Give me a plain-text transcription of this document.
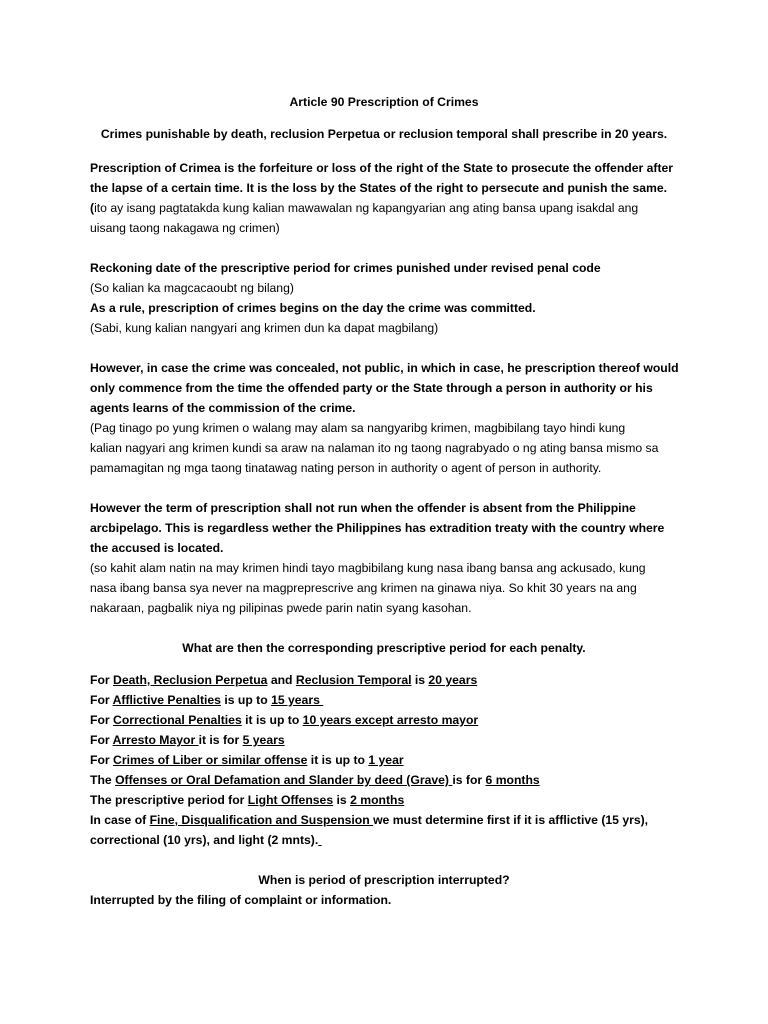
Article 90 Prescription of Crimes
Crimes punishable by death, reclusion Perpetua or reclusion temporal shall prescribe in 20 years.
Prescription of Crimea is the forfeiture or loss of the right of the State to prosecute the offender after
the lapse of a certain time. It is the loss by the States of the right to persecute and punish the same.
(ito ay isang pagtatakda kung kalian mawawalan ng kapangyarian ang ating bansa upang isakdal ang
uisang taong nakagawa ng crimen)
Reckoning date of the prescriptive period for crimes punished under revised penal code
(So kalian ka magcacaoubt ng bilang)
As a rule, prescription of crimes begins on the day the crime was committed.
(Sabi, kung kalian nangyari ang krimen dun ka dapat magbilang)
However, in case the crime was concealed, not public, in which in case, he prescription thereof would
only commence from the time the offended party or the State through a person in authority or his
agents learns of the commission of the crime.
(Pag tinago po yung krimen o walang may alam sa nangyaribg krimen, magbibilang tayo hindi kung
kalian nagyari ang krimen kundi sa araw na nalaman ito ng taong nagrabyado o ng ating bansa mismo sa
pamamagitan ng mga taong tinatawag nating person in authority o agent of person in authority.
However the term of prescription shall not run when the offender is absent from the Philippine
arcbipelago. This is regardless wether the Philippines has extradition treaty with the country where
the accused is located.
(so kahit alam natin na may krimen hindi tayo magbibilang kung nasa ibang bansa ang ackusado, kung
nasa ibang bansa sya never na magpreprescrive ang krimen na ginawa niya. So khit 30 years na ang
nakaraan, pagbalik niya ng pilipinas pwede parin natin syang kasohan.
What are then the corresponding prescriptive period for each penalty.
For Death, Reclusion Perpetua and Reclusion Temporal is 20 years
For Afflictive Penalties is up to 15 years
For Correctional Penalties it is up to 10 years except arresto mayor
For Arresto Mayor it is for 5 years
For Crimes of Liber or similar offense it is up to 1 year
The Offenses or Oral Defamation and Slander by deed (Grave) is for 6 months
The prescriptive period for Light Offenses is 2 months
In case of Fine, Disqualification and Suspension we must determine first if it is afflictive (15 yrs),
correctional (10 yrs), and light (2 mnts).
When is period of prescription interrupted?
Interrupted by the filing of complaint or information.
